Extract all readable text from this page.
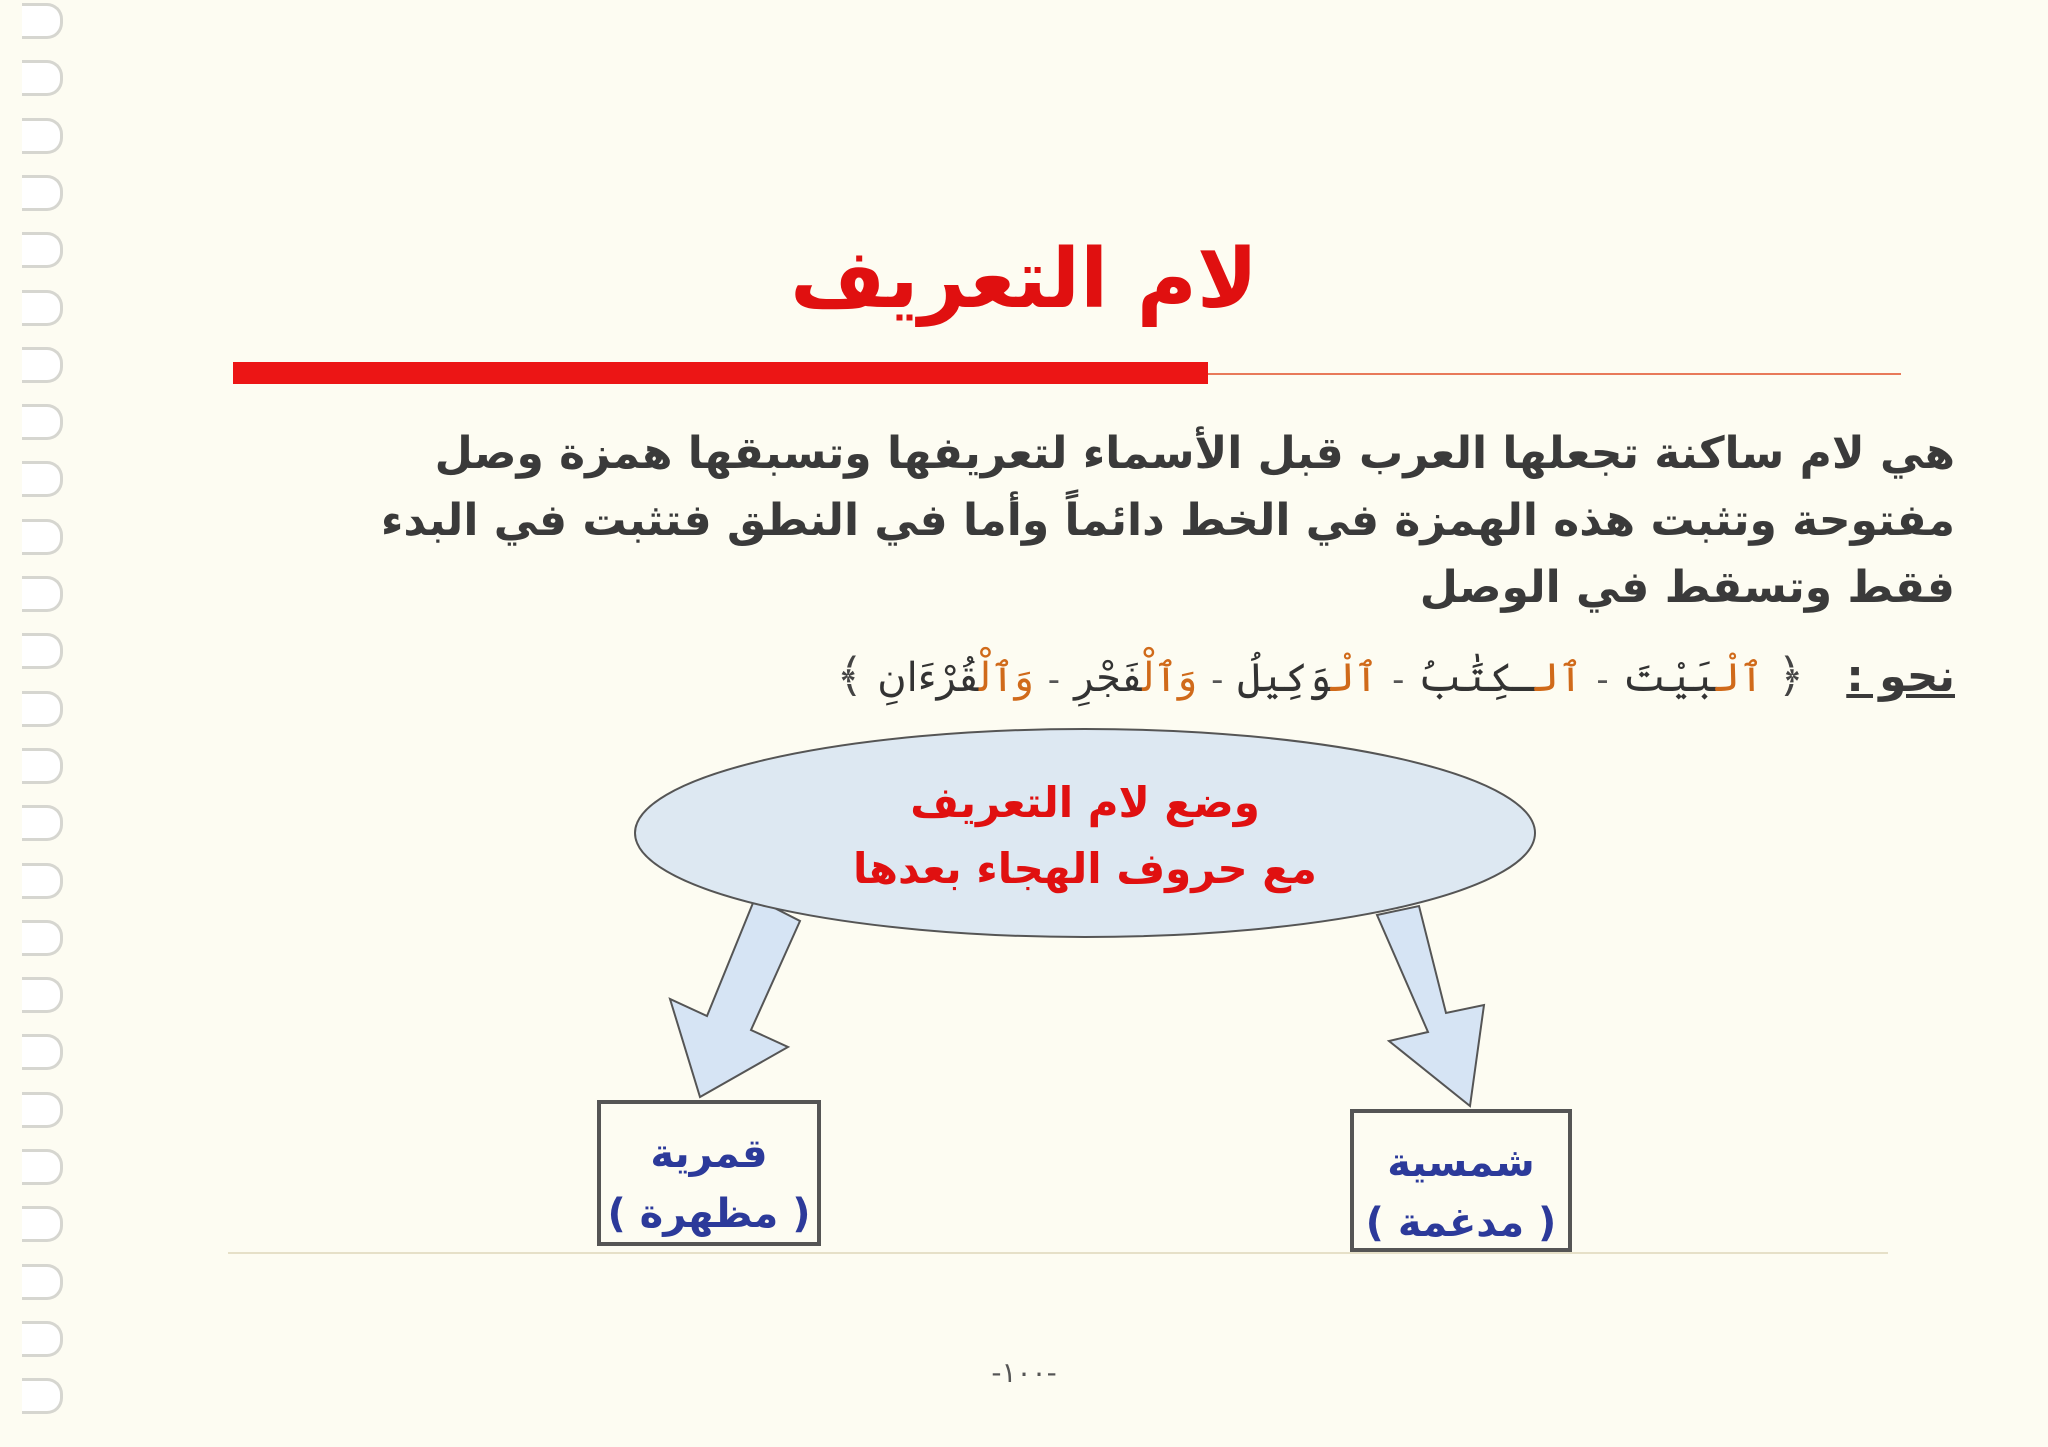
لام التعريف
هي لام ساكنة تجعلها العرب قبل الأسماء لتعريفها وتسبقها همزة وصل مفتوحة وتثبت هذه الهمزة في الخط دائماً وأما في النطق فتثبت في البدء فقط وتسقط في الوصل
نحو : ﴿ ٱلْبَيْتَ-ٱلـكِتَٰبُ-ٱلْوَكِيلُ-وَٱلْفَجْرِ-وَٱلْقُرْءَانِ ﴾
وضع لام التعريف
مع حروف الهجاء بعدها
قمرية
( مظهرة )
شمسية
( مدغمة )
-١٠٠-
